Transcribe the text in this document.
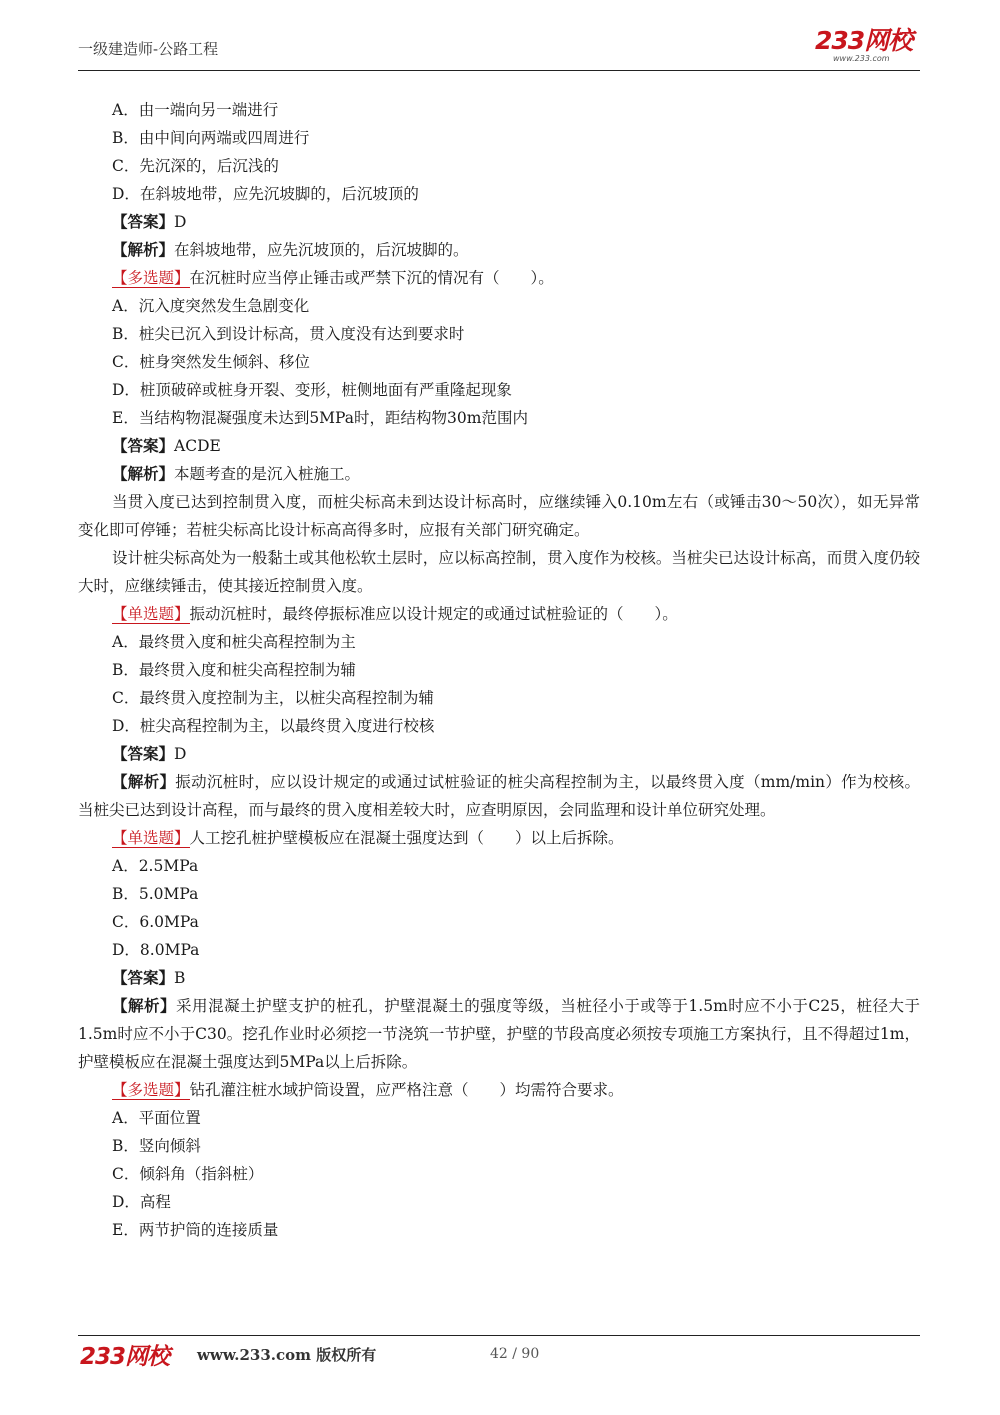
一级建造师-公路工程	233网校
www.233.com
A．由一端向另一端进行
B．由中间向两端或四周进行
C．先沉深的，后沉浅的
D．在斜坡地带，应先沉坡脚的，后沉坡顶的
【答案】D
【解析】在斜坡地带，应先沉坡顶的，后沉坡脚的。
【多选题】在沉桩时应当停止锤击或严禁下沉的情况有（　　）。
A．沉入度突然发生急剧变化
B．桩尖已沉入到设计标高，贯入度没有达到要求时
C．桩身突然发生倾斜、移位
D．桩顶破碎或桩身开裂、变形，桩侧地面有严重隆起现象
E．当结构物混凝强度未达到5MPa时，距结构物30m范围内
【答案】ACDE
【解析】本题考查的是沉入桩施工。
当贯入度已达到控制贯入度，而桩尖标高未到达设计标高时，应继续锤入0.10m左右（或锤击30～50次），如无异常变化即可停锤；若桩尖标高比设计标高高得多时，应报有关部门研究确定。
设计桩尖标高处为一般黏土或其他松软土层时，应以标高控制，贯入度作为校核。当桩尖已达设计标高，而贯入度仍较大时，应继续锤击，使其接近控制贯入度。
【单选题】振动沉桩时，最终停振标准应以设计规定的或通过试桩验证的（　　）。
A．最终贯入度和桩尖高程控制为主
B．最终贯入度和桩尖高程控制为辅
C．最终贯入度控制为主，以桩尖高程控制为辅
D．桩尖高程控制为主，以最终贯入度进行校核
【答案】D
【解析】振动沉桩时，应以设计规定的或通过试桩验证的桩尖高程控制为主，以最终贯入度（mm/min）作为校核。当桩尖已达到设计高程，而与最终的贯入度相差较大时，应查明原因，会同监理和设计单位研究处理。
【单选题】人工挖孔桩护壁模板应在混凝土强度达到（　　）以上后拆除。
A．2.5MPa
B．5.0MPa
C．6.0MPa
D．8.0MPa
【答案】B
【解析】采用混凝土护壁支护的桩孔，护壁混凝土的强度等级，当桩径小于或等于1.5m时应不小于C25，桩径大于1.5m时应不小于C30。挖孔作业时必须挖一节浇筑一节护壁，护壁的节段高度必须按专项施工方案执行，且不得超过1m，护壁模板应在混凝土强度达到5MPa以上后拆除。
【多选题】钻孔灌注桩水域护筒设置，应严格注意（　　）均需符合要求。
A．平面位置
B．竖向倾斜
C．倾斜角（指斜桩）
D．高程
E．两节护筒的连接质量
233网校 www.233.com 版权所有	42 / 90
